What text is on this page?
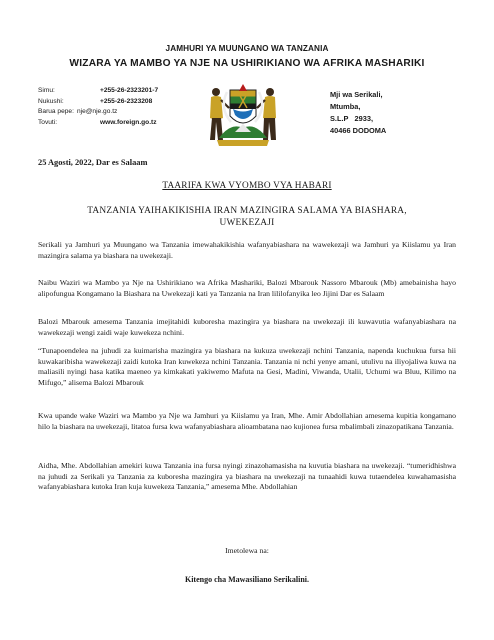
JAMHURI YA MUUNGANO WA TANZANIA
WIZARA YA MAMBO YA NJE NA USHIRIKIANO WA AFRIKA MASHARIKI
Simu:	+255-26-2323201-7
Nukushi:	+255-26-2323208
Barua pepe: nje@nje.go.tz
Tovuti:	www.foreign.go.tz
Mji wa Serikali,
Mtumba,
S.L.P   2933,
40466 DODOMA
25 Agosti, 2022, Dar es Salaam
TAARIFA KWA VYOMBO VYA HABARI
TANZANIA YAIHAKIKISHIA IRAN MAZINGIRA SALAMA YA BIASHARA, UWEKEZAJI

Serikali ya Jamhuri ya Muungano wa Tanzania imewahakikishia wafanyabiashara na wawekezaji wa Jamhuri ya Kiislamu ya Iran mazingira salama ya biashara na uwekezaji.

Naibu Waziri wa Mambo ya Nje na Ushirikiano wa Afrika Mashariki, Balozi Mbarouk Nassoro Mbarouk (Mb) amebainisha hayo alipofungua Kongamano la Biashara na Uwekezaji kati ya Tanzania na Iran lililofanyika leo Jijini Dar es Salaam

Balozi Mbarouk amesema Tanzania imejitahidi kuboresha mazingira ya biashara na uwekezaji ili kuwavutia wafanyabiashara na wawekezaji wengi zaidi waje kuwekeza nchini.

“Tunapoendelea na juhudi za kuimarisha mazingira ya biashara na kukuza uwekezaji nchini Tanzania, napenda kuchukua fursa hii kuwakaribisha wawekezaji zaidi kutoka Iran kuwekeza nchini Tanzania. Tanzania ni nchi yenye amani, utulivu na iliyojaliwa kuwa na maliasili nyingi hasa katika maeneo ya kimkakati yakiwemo Mafuta na Gesi, Madini, Viwanda, Utalii, Uchumi wa Bluu, Kilimo na Mifugo,” alisema Balozi Mbarouk

Kwa upande wake Waziri wa Mambo ya Nje wa Jamhuri ya Kiislamu ya Iran, Mhe. Amir Abdollahian amesema kupitia kongamano hilo la biashara na uwekezaji, litatoa fursa kwa wafanyabiashara alioambatana nao kujionea fursa mbalimbali zinazopatikana Tanzania.

Aidha, Mhe. Abdollahian amekiri kuwa Tanzania ina fursa nyingi zinazohamasisha na kuvutia biashara na uwekezaji. “tumeridhishwa na juhudi za Serikali ya Tanzania za kuboresha mazingira ya biashara na uwekezaji na tunaahidi kuwa tutaendelea kuwahamasisha wafanyabiashara kutoka Iran kuja kuwekeza Tanzania,” amesema Mhe. Abdollahian

Imetolewa na:
Kitengo cha Mawasiliano Serikalini.
